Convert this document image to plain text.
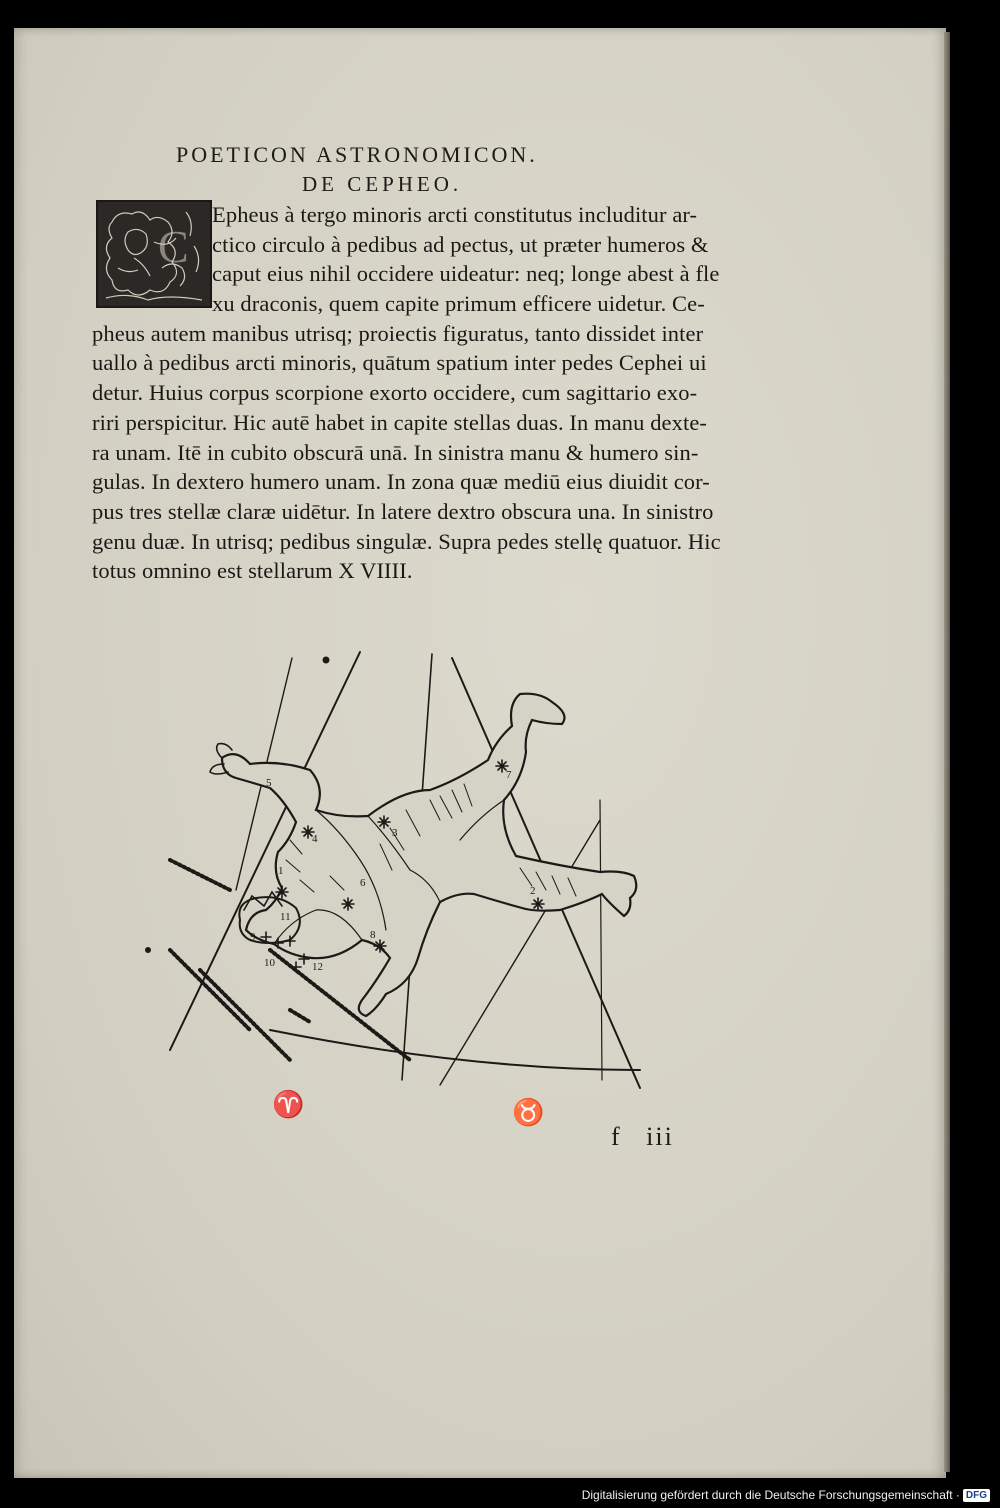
POETICON ASTRONOMICON.
DE CEPHEO.
C
Epheus à tergo minoris arcti constitutus includitur ar-
ctico circulo à pedibus ad pectus, ut præter humeros &
caput eius nihil occidere uideatur: neq; longe abest à fle
xu draconis, quem capite primum efficere uidetur. Ce-
pheus autem manibus utrisq; proiectis figuratus, tanto dissidet inter
uallo à pedibus arcti minoris, quātum spatium inter pedes Cephei ui
detur. Huius corpus scorpione exorto occidere, cum sagittario exo-
riri perspicitur. Hic autē habet in capite stellas duas. In manu dexte-
ra unam. Itē in cubito obscurā unā. In sinistra manu & humero sin-
gulas. In dextero humero unam. In zona quæ mediū eius diuidit cor-
pus tres stellæ claræ uidētur. In latere dextro obscura una. In sinistro
genu duæ. In utrisq; pedibus singulæ. Supra pedes stellę quatuor. Hic
totus omnino est stellarum X VIIII.
1
2
3
4
5
6
7
8
9
10
11
12
♈	♉
f iii
Digitalisierung gefördert durch die Deutsche Forschungsgemeinschaft · DFG
